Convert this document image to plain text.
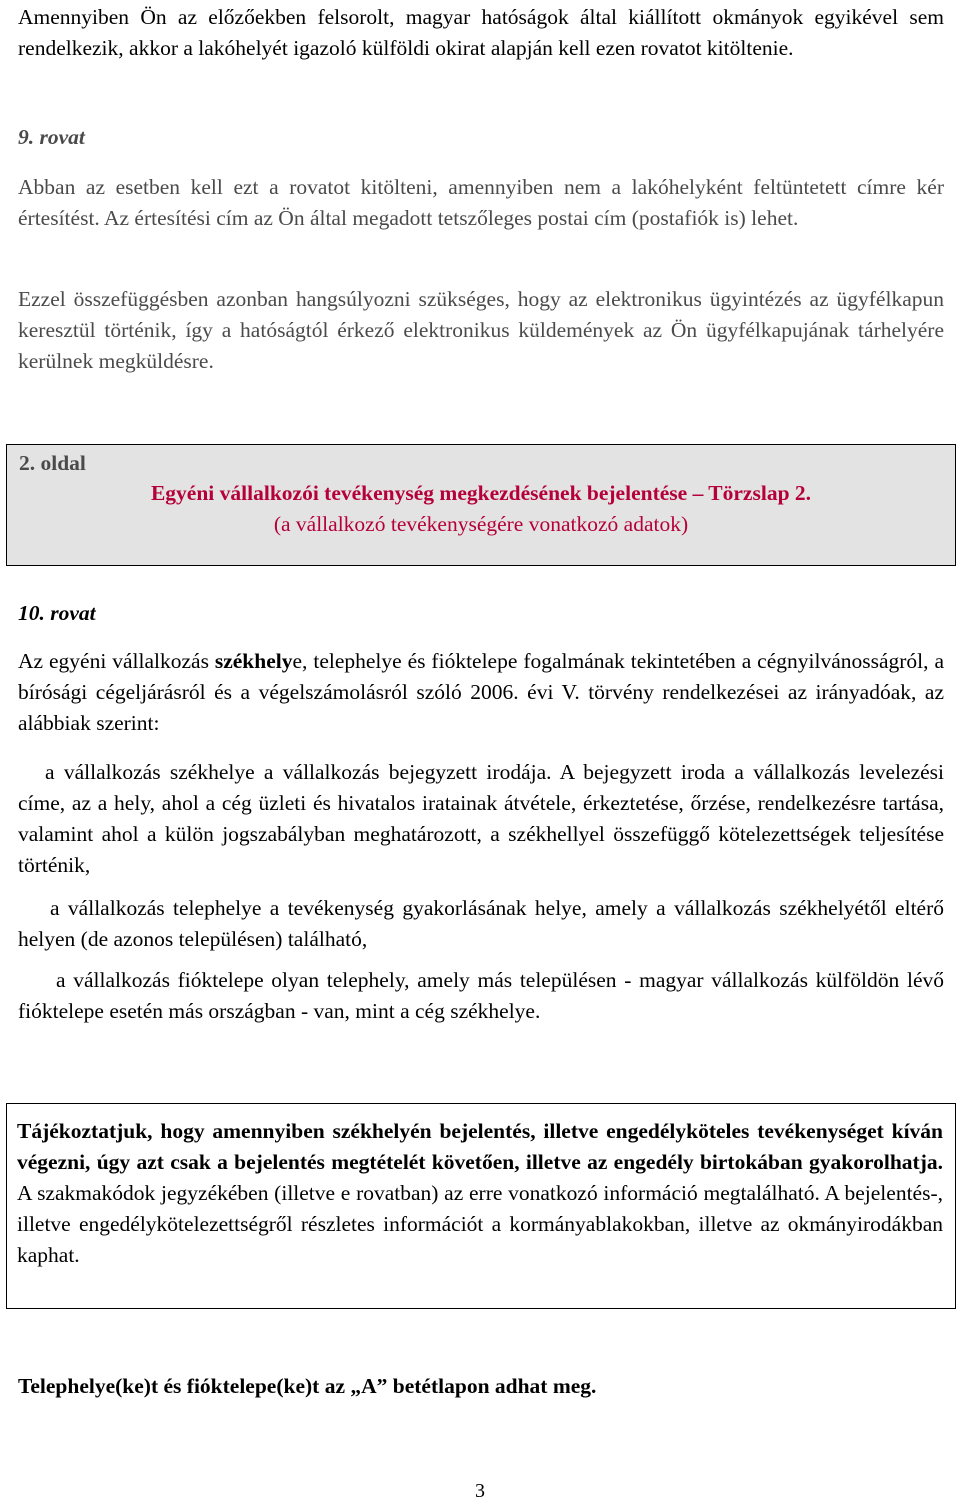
Amennyiben Ön az előzőekben felsorolt, magyar hatóságok által kiállított okmányok egyikével sem rendelkezik, akkor a lakóhelyét igazoló külföldi okirat alapján kell ezen rovatot kitöltenie.

9. rovat

Abban az esetben kell ezt a rovatot kitölteni, amennyiben nem a lakóhelyként feltüntetett címre kér értesítést. Az értesítési cím az Ön által megadott tetszőleges postai cím (postafiók is) lehet.

Ezzel összefüggésben azonban hangsúlyozni szükséges, hogy az elektronikus ügyintézés az ügyfélkapun keresztül történik, így a hatóságtól érkező elektronikus küldemények az Ön ügyfélkapujának tárhelyére kerülnek megküldésre.

2. oldal
Egyéni vállalkozói tevékenység megkezdésének bejelentése – Törzslap 2.
(a vállalkozó tevékenységére vonatkozó adatok)

10. rovat

Az egyéni vállalkozás székhelye, telephelye és fióktelepe fogalmának tekintetében a cégnyilvánosságról, a bírósági cégeljárásról és a végelszámolásról szóló 2006. évi V. törvény rendelkezései az irányadóak, az alábbiak szerint:

a vállalkozás székhelye a vállalkozás bejegyzett irodája. A bejegyzett iroda a vállalkozás levelezési címe, az a hely, ahol a cég üzleti és hivatalos iratainak átvétele, érkeztetése, őrzése, rendelkezésre tartása, valamint ahol a külön jogszabályban meghatározott, a székhellyel összefüggő kötelezettségek teljesítése történik,

a vállalkozás telephelye a tevékenység gyakorlásának helye, amely a vállalkozás székhelyétől eltérő helyen (de azonos településen) található,

a vállalkozás fióktelepe olyan telephely, amely más településen - magyar vállalkozás külföldön lévő fióktelepe esetén más országban - van, mint a cég székhelye.

Tájékoztatjuk, hogy amennyiben székhelyén bejelentés, illetve engedélyköteles tevékenységet kíván végezni, úgy azt csak a bejelentés megtételét követően, illetve az engedély birtokában gyakorolhatja. A szakmakódok jegyzékében (illetve e rovatban) az erre vonatkozó információ megtalálható. A bejelentés-, illetve engedélykötelezettségről részletes információt a kormányablakokban, illetve az okmányirodákban kaphat.

Telephelye(ke)t és fióktelepe(ke)t az „A” betétlapon adhat meg.

3
